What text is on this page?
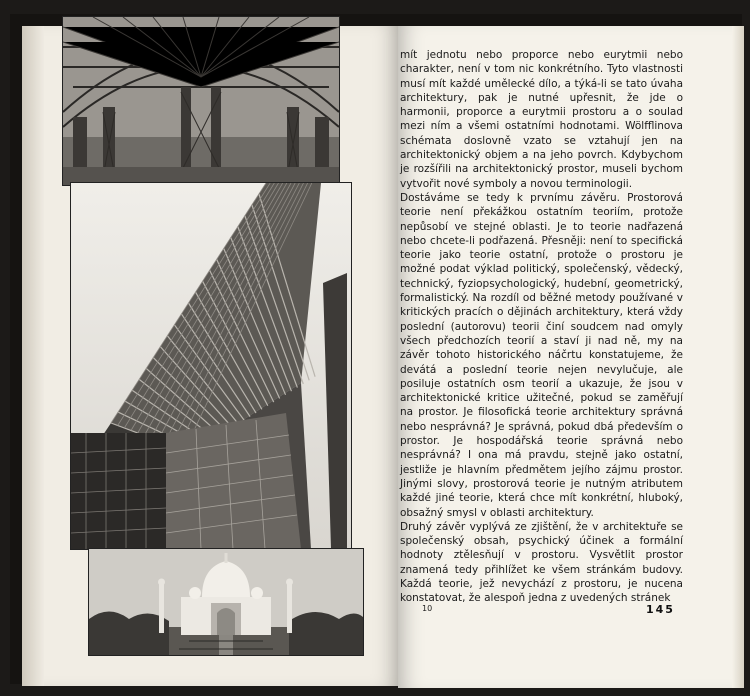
mít jednotu nebo proporce nebo eurytmii nebo charakter, není v tom nic konkrétního. Tyto vlastnosti musí mít každé umělecké dílo, a týká-li se tato úvaha architektury, pak je nutné upřesnit, že jde o harmonii, proporce a eurytmii prostoru a o soulad mezi ním a všemi ostatními hodnotami. Wölfflinova schémata doslovně vzato se vztahují jen na architektonický objem a na jeho povrch. Kdybychom je rozšířili na architektonický prostor, museli bychom vytvořit nové symboly a novou terminologii.

Dostáváme se tedy k prvnímu závěru. Prostorová teorie není překážkou ostatním teoriím, protože nepůsobí ve stejné oblasti. Je to teorie nadřazená nebo chcete-li podřazená. Přesněji: není to specifická teorie jako teorie ostatní, protože o prostoru je možné podat výklad politický, společenský, vědecký, technický, fyziopsychologický, hudební, geometrický, formalistický. Na rozdíl od běžné metody používané v kritických pracích o dějinách architektury, která vždy poslední (autorovu) teorii činí soudcem nad omyly všech předchozích teorií a staví ji nad ně, my na závěr tohoto historického náčrtu konstatujeme, že devátá a poslední teorie nejen nevylučuje, ale posiluje ostatních osm teorií a ukazuje, že jsou v architektonické kritice užitečné, pokud se zaměřují na prostor. Je filosofická teorie architektury správná nebo nesprávná? Je správná, pokud dbá především o prostor. Je hospodářská teorie správná nebo nesprávná? I ona má pravdu, stejně jako ostatní, jestliže je hlavním předmětem jejího zájmu prostor. Jinými slovy, prostorová teorie je nutným atributem každé jiné teorie, která chce mít konkrétní, hluboký, obsažný smysl v oblasti architektury.

Druhý závěr vyplývá ze zjištění, že v architektuře se společenský obsah, psychický účinek a formální hodnoty ztělesňují v prostoru. Vysvětlit prostor znamená tedy přihlížet ke všem stránkám budovy. Každá teorie, jež nevychází z prostoru, je nucena konstatovat, že alespoň jedna z uvedených stránek

10	145
